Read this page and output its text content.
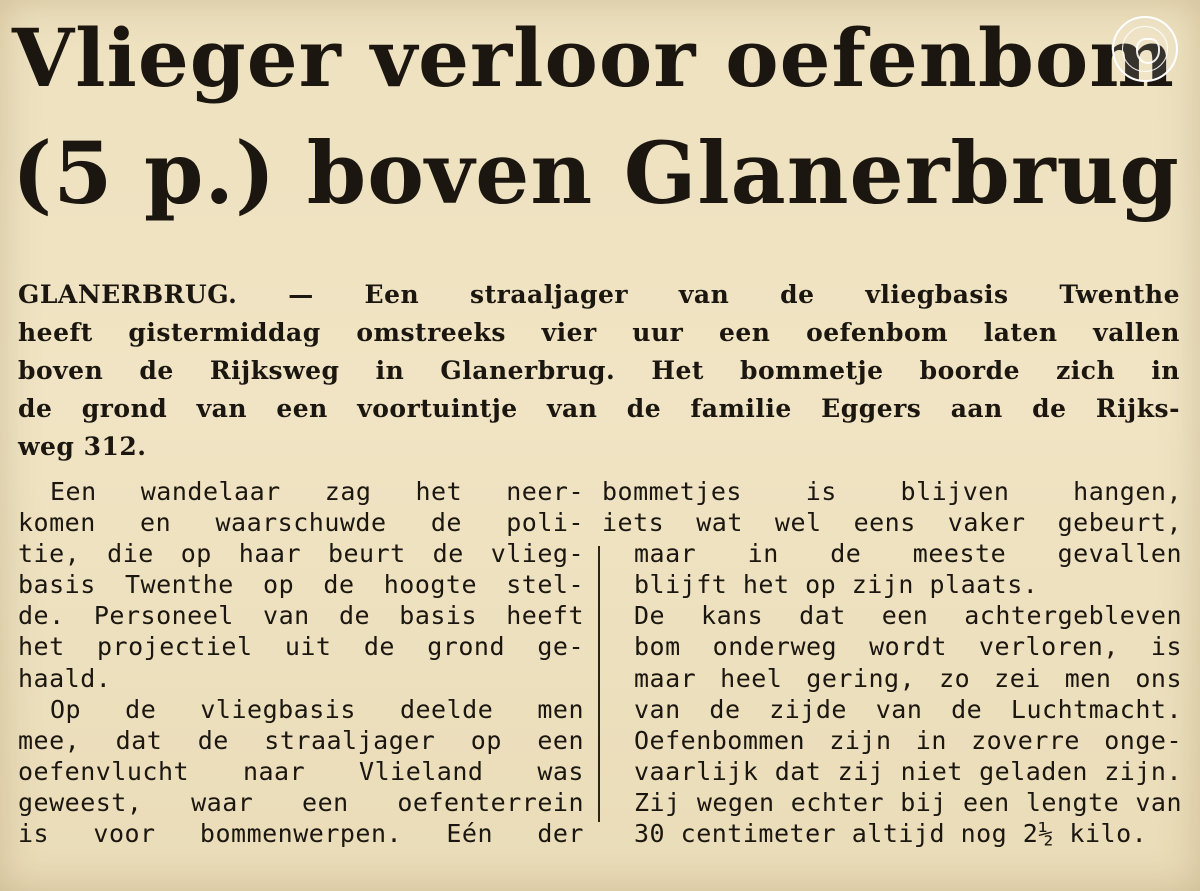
Vlieger verloor oefenbom
(5 p.) boven Glanerbrug
GLANERBRUG. — Een straaljager van de vliegbasis Twenthe
heeft gistermiddag omstreeks vier uur een oefenbom laten vallen
boven de Rijksweg in Glanerbrug. Het bommetje boorde zich in
de grond van een voortuintje van de familie Eggers aan de Rijks-
weg 312.
Een wandelaar zag het neer-
komen en waarschuwde de poli-
tie, die op haar beurt de vlieg-
basis Twenthe op de hoogte stel-
de. Personeel van de basis heeft
het projectiel uit de grond ge-
haald.
Op de vliegbasis deelde men
mee, dat de straaljager op een
oefenvlucht naar Vlieland was
geweest, waar een oefenterrein
is voor bommenwerpen. Eén der
bommetjes is blijven hangen,
iets wat wel eens vaker gebeurt,
maar in de meeste gevallen
blijft het op zijn plaats.
De kans dat een achtergebleven
bom onderweg wordt verloren, is
maar heel gering, zo zei men ons
van de zijde van de Luchtmacht.
Oefenbommen zijn in zoverre onge-
vaarlijk dat zij niet geladen zijn.
Zij wegen echter bij een lengte van
30 centimeter altijd nog 2½ kilo.
